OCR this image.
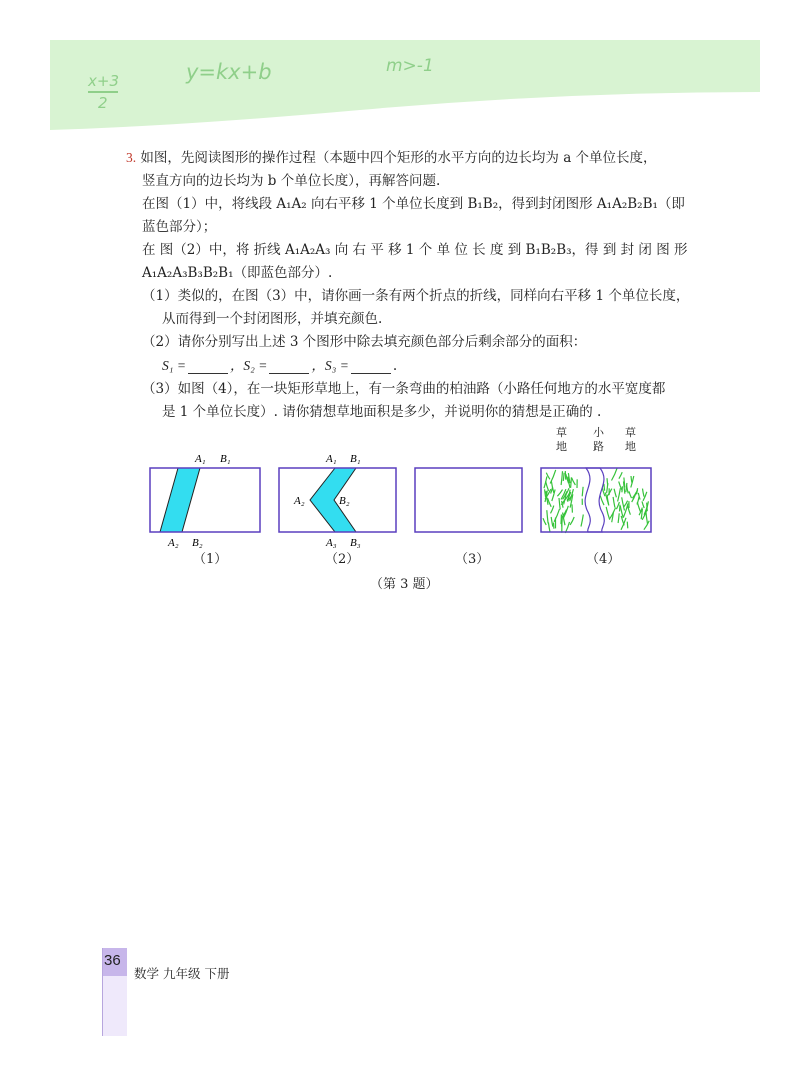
x+3
2
y=kx+b	m>-1

3. 如图，先阅读图形的操作过程（本题中四个矩形的水平方向的边长均为 a 个单位长度，

竖直方向的边长均为 b 个单位长度），再解答问题.

在图（1）中，将线段 A₁A₂ 向右平移 1 个单位长度到 B₁B₂，得到封闭图形 A₁A₂B₂B₁（即

蓝色部分）；

在 图（2）中，将 折线 A₁A₂A₃ 向 右 平 移 1 个 单 位 长 度 到 B₁B₂B₃，得 到 封 闭 图 形

A₁A₂A₃B₃B₂B₁（即蓝色部分）.

（1）类似的，在图（3）中，请你画一条有两个折点的折线，同样向右平移 1 个单位长度，

从而得到一个封闭图形，并填充颜色.

（2）请你分别写出上述 3 个图形中除去填充颜色部分后剩余部分的面积：

S₁ =	，S₂ =	，S₃ =	.

（3）如图（4），在一块矩形草地上，有一条弯曲的柏油路（小路任何地方的水平宽度都

是 1 个单位长度）. 请你猜想草地面积是多少，并说明你的猜想是正确的 .

A₁ B₁
A₂ B₂
A₁ B₁
A₂	B₂
A₃ B₃
草地
小路
草地
（1）	（2）	（3）	（4）
（第 3 题）
36
数学 九年级 下册
